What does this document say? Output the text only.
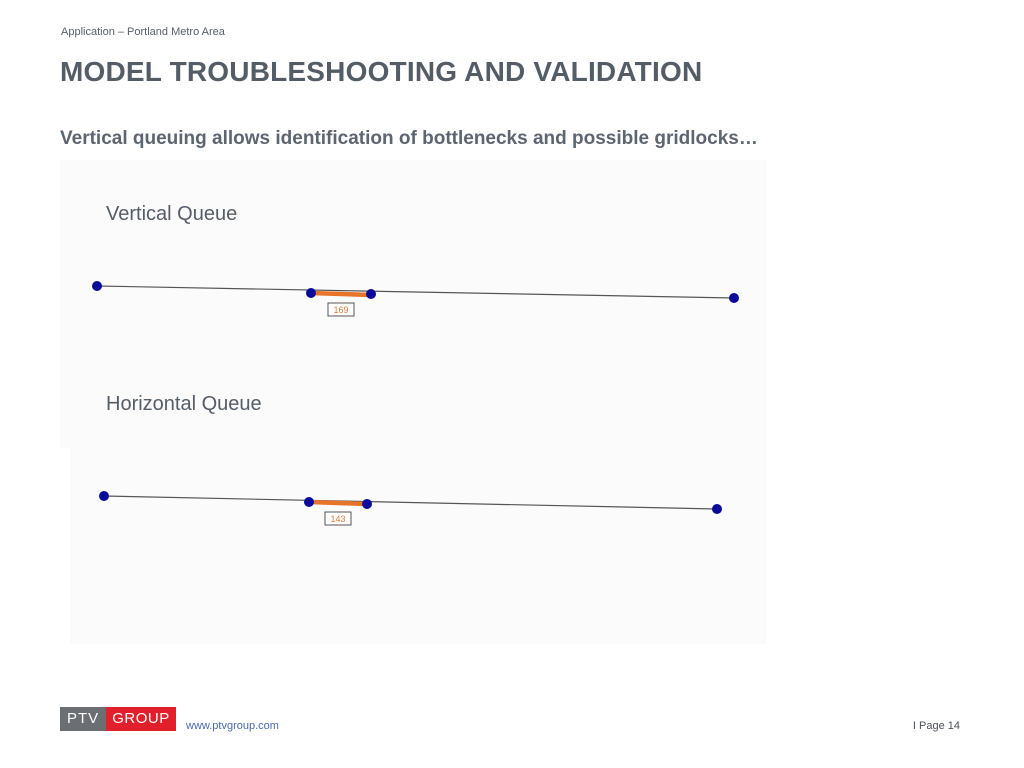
Application – Portland Metro Area
MODEL TROUBLESHOOTING AND VALIDATION
Vertical queuing allows identification of bottlenecks and possible gridlocks…
Vertical Queue
Horizontal Queue
169
143
PTV GROUP	www.ptvgroup.com	I Page 14
